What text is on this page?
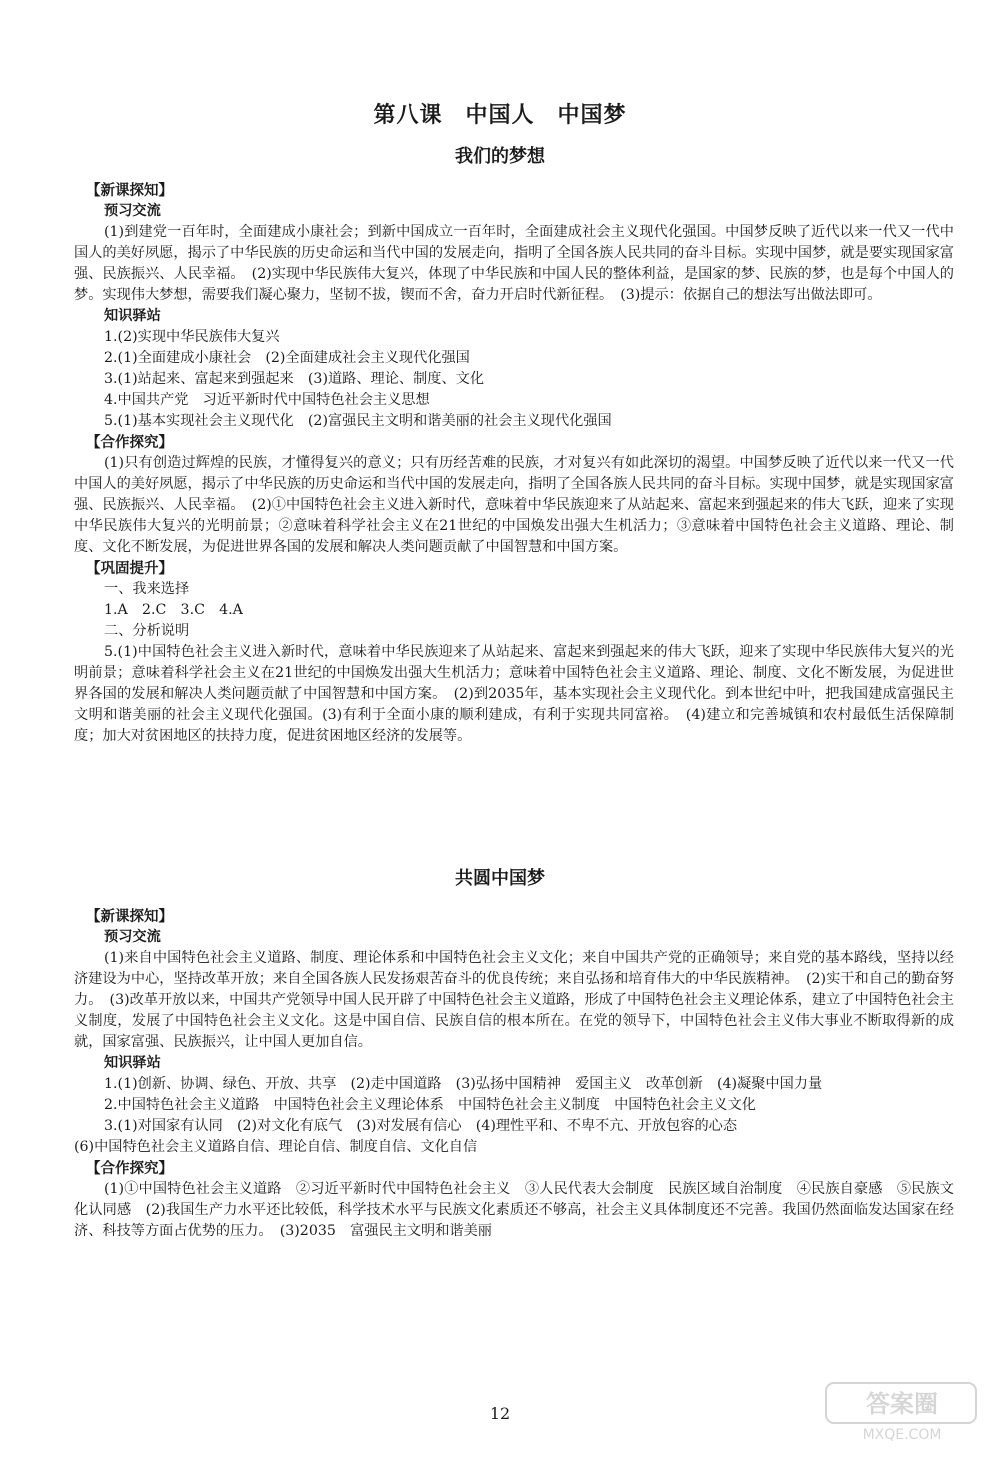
第八课　中国人　中国梦
我们的梦想
【新课探知】
预习交流

(1)到建党一百年时，全面建成小康社会；到新中国成立一百年时，全面建成社会主义现代化强国。中国梦反映了近代以来一代又一代中国人的美好夙愿，揭示了中华民族的历史命运和当代中国的发展走向，指明了全国各族人民共同的奋斗目标。实现中国梦，就是要实现国家富强、民族振兴、人民幸福。　(2)实现中华民族伟大复兴，体现了中华民族和中国人民的整体利益，是国家的梦、民族的梦，也是每个中国人的梦。实现伟大梦想，需要我们凝心聚力，坚韧不拔，锲而不舍，奋力开启时代新征程。　(3)提示：依据自己的想法写出做法即可。

知识驿站

1.(2)实现中华民族伟大复兴

2.(1)全面建成小康社会　(2)全面建成社会主义现代化强国

3.(1)站起来、富起来到强起来　(3)道路、理论、制度、文化

4.中国共产党　习近平新时代中国特色社会主义思想

5.(1)基本实现社会主义现代化　(2)富强民主文明和谐美丽的社会主义现代化强国

【合作探究】

(1)只有创造过辉煌的民族，才懂得复兴的意义；只有历经苦难的民族，才对复兴有如此深切的渴望。中国梦反映了近代以来一代又一代中国人的美好夙愿，揭示了中华民族的历史命运和当代中国的发展走向，指明了全国各族人民共同的奋斗目标。实现中国梦，就是实现国家富强、民族振兴、人民幸福。　(2)①中国特色社会主义进入新时代，意味着中华民族迎来了从站起来、富起来到强起来的伟大飞跃，迎来了实现中华民族伟大复兴的光明前景；②意味着科学社会主义在21世纪的中国焕发出强大生机活力；③意味着中国特色社会主义道路、理论、制度、文化不断发展，为促进世界各国的发展和解决人类问题贡献了中国智慧和中国方案。

【巩固提升】

一、我来选择

1.A　2.C　3.C　4.A

二、分析说明

5.(1)中国特色社会主义进入新时代，意味着中华民族迎来了从站起来、富起来到强起来的伟大飞跃，迎来了实现中华民族伟大复兴的光明前景；意味着科学社会主义在21世纪的中国焕发出强大生机活力；意味着中国特色社会主义道路、理论、制度、文化不断发展，为促进世界各国的发展和解决人类问题贡献了中国智慧和中国方案。　(2)到2035年，基本实现社会主义现代化。到本世纪中叶，把我国建成富强民主文明和谐美丽的社会主义现代化强国。(3)有利于全面小康的顺利建成，有利于实现共同富裕。　(4)建立和完善城镇和农村最低生活保障制度；加大对贫困地区的扶持力度，促进贫困地区经济的发展等。

共圆中国梦
【新课探知】
预习交流

(1)来自中国特色社会主义道路、制度、理论体系和中国特色社会主义文化；来自中国共产党的正确领导；来自党的基本路线，坚持以经济建设为中心，坚持改革开放；来自全国各族人民发扬艰苦奋斗的优良传统；来自弘扬和培育伟大的中华民族精神。　(2)实干和自己的勤奋努力。　(3)改革开放以来，中国共产党领导中国人民开辟了中国特色社会主义道路，形成了中国特色社会主义理论体系，建立了中国特色社会主义制度，发展了中国特色社会主义文化。这是中国自信、民族自信的根本所在。在党的领导下，中国特色社会主义伟大事业不断取得新的成就，国家富强、民族振兴，让中国人更加自信。

知识驿站

1.(1)创新、协调、绿色、开放、共享　(2)走中国道路　(3)弘扬中国精神　爱国主义　改革创新　(4)凝聚中国力量

2.中国特色社会主义道路　中国特色社会主义理论体系　中国特色社会主义制度　中国特色社会主义文化

3.(1)对国家有认同　(2)对文化有底气　(3)对发展有信心　(4)理性平和、不卑不亢、开放包容的心态

(6)中国特色社会主义道路自信、理论自信、制度自信、文化自信

【合作探究】

(1)①中国特色社会主义道路　②习近平新时代中国特色社会主义　③人民代表大会制度　民族区域自治制度　④民族自豪感　⑤民族文化认同感　(2)我国生产力水平还比较低，科学技术水平与民族文化素质还不够高，社会主义具体制度还不完善。我国仍然面临发达国家在经济、科技等方面占优势的压力。　(3)2035　富强民主文明和谐美丽

12	答案圈
MXQE.COM
